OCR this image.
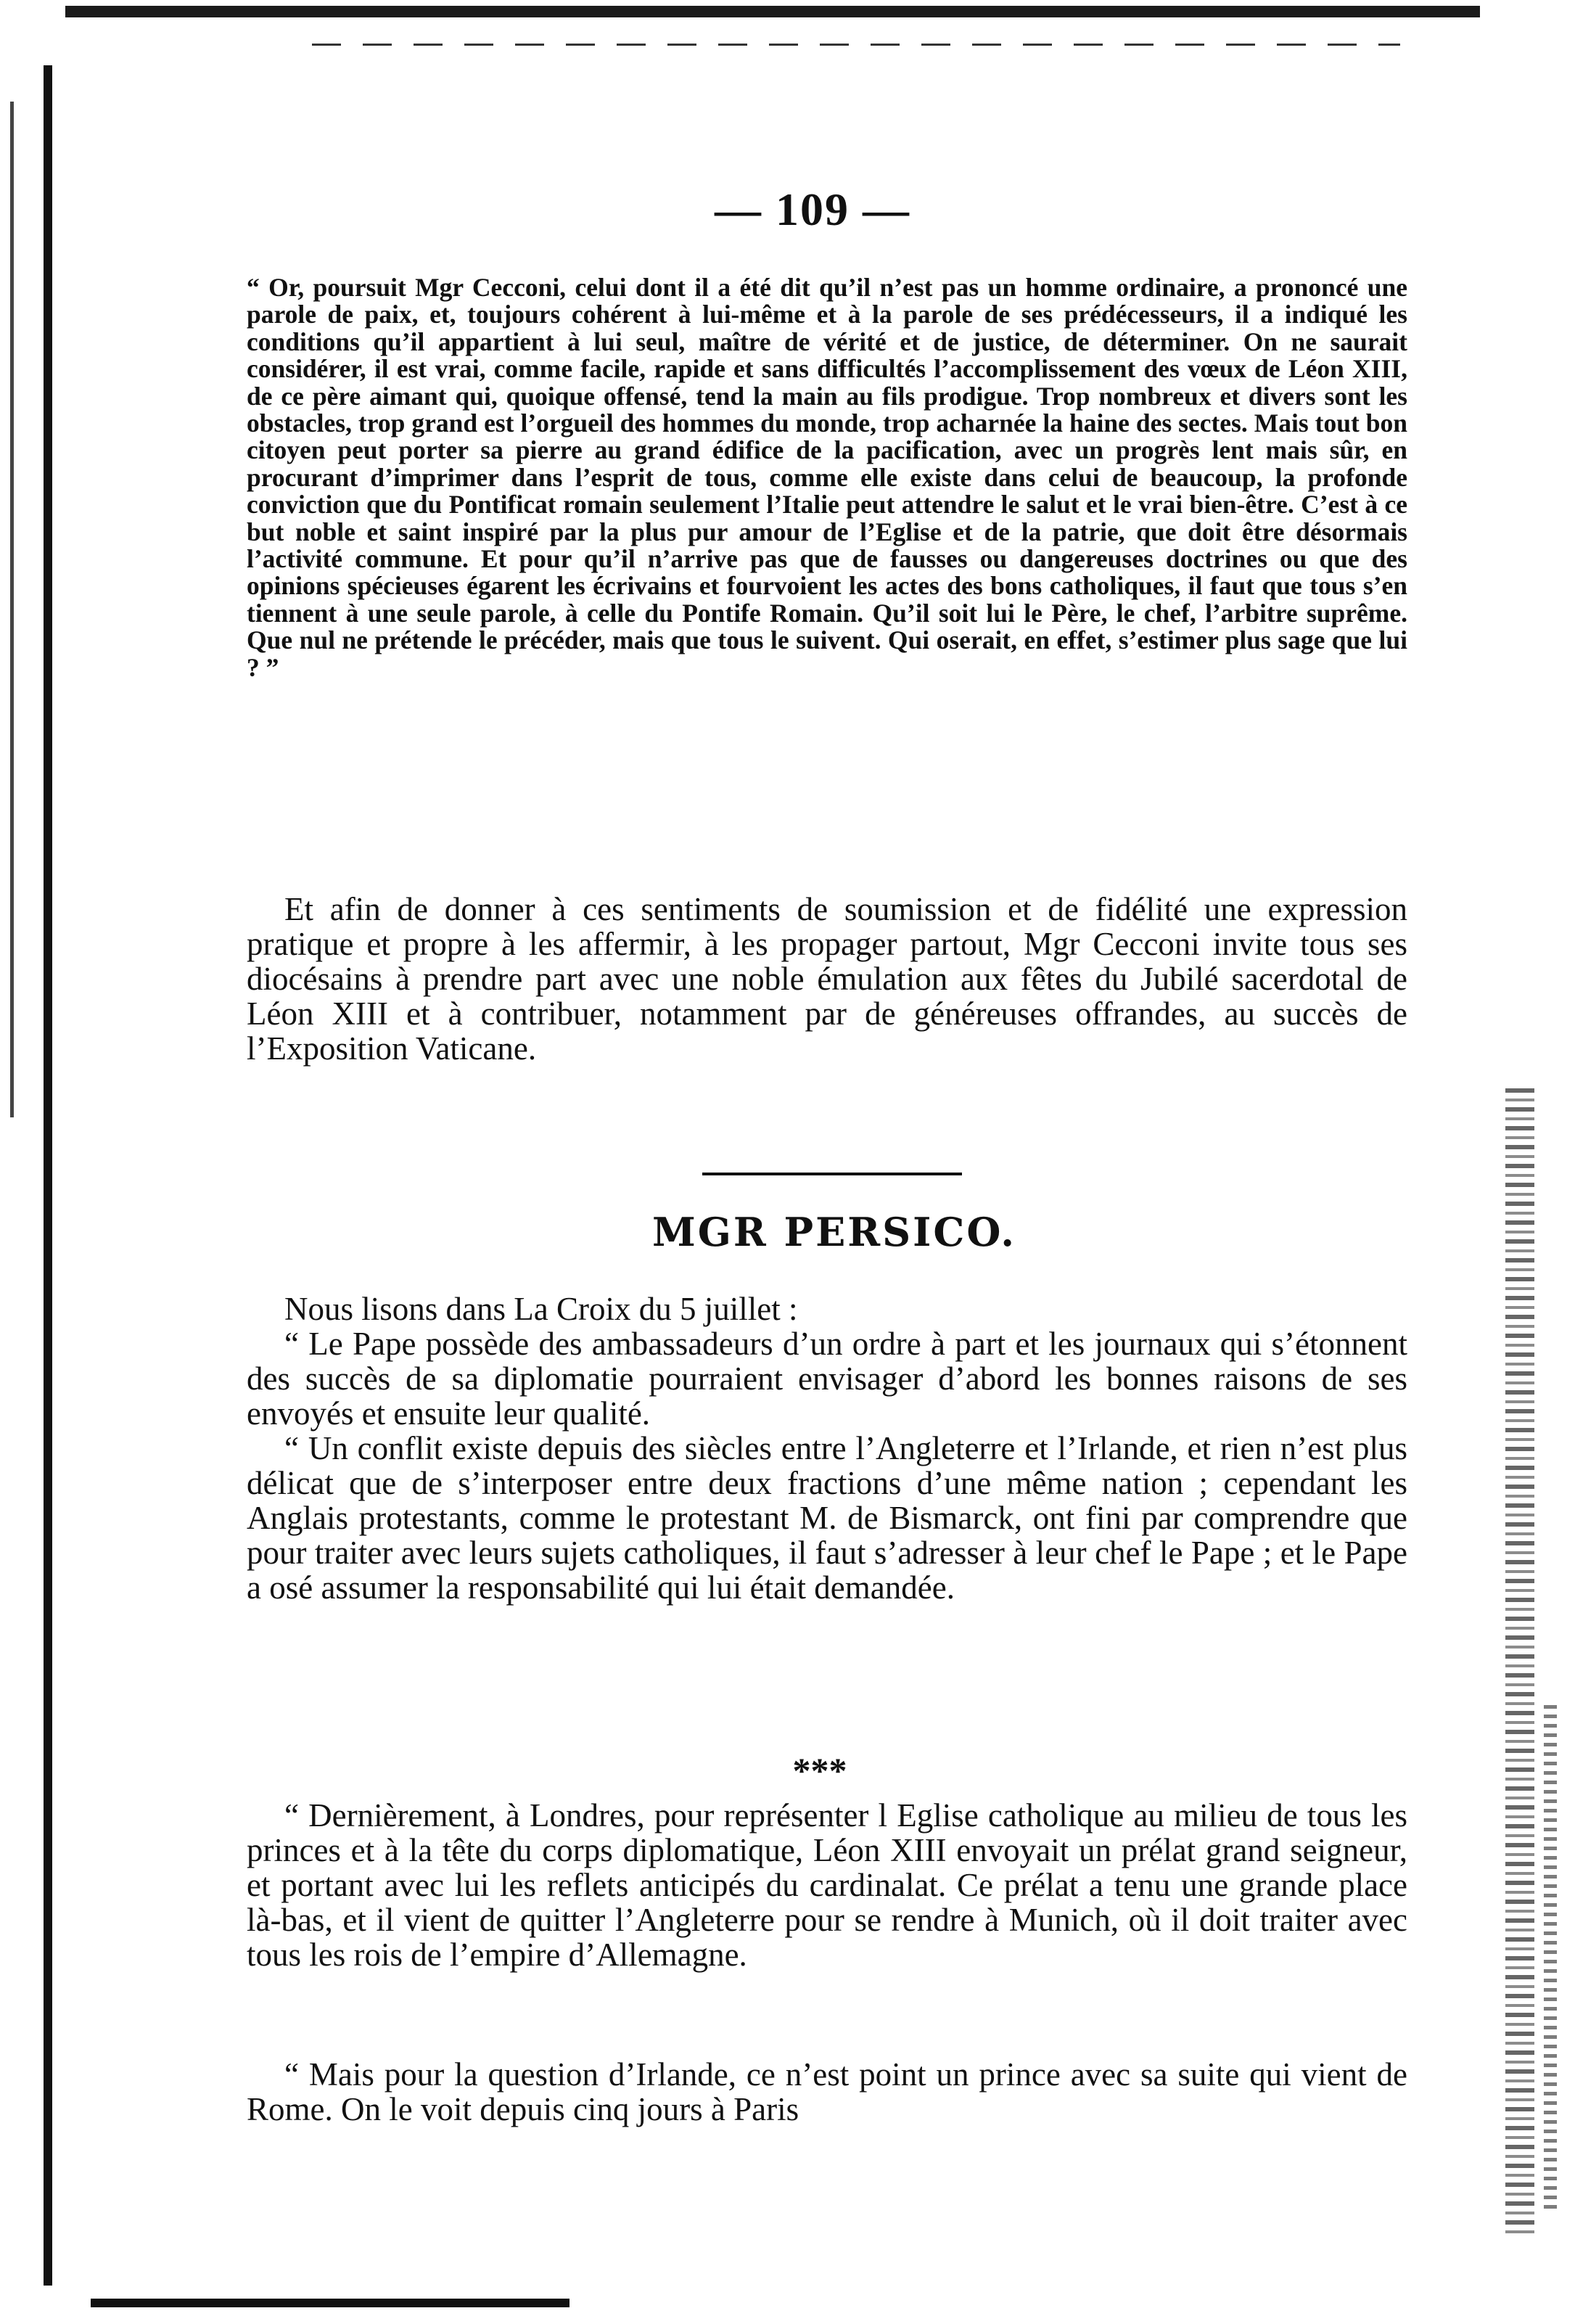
— 109 —

“ Or, poursuit Mgr Cecconi, celui dont il a été dit qu’il n’est pas un homme ordinaire, a prononcé une parole de paix, et, toujours cohérent à lui-même et à la parole de ses prédécesseurs, il a indiqué les conditions qu’il appartient à lui seul, maître de vérité et de justice, de déterminer. On ne saurait considérer, il est vrai, comme facile, rapide et sans difficultés l’accomplissement des vœux de Léon XIII, de ce père aimant qui, quoique offensé, tend la main au fils prodigue. Trop nombreux et divers sont les obstacles, trop grand est l’orgueil des hommes du monde, trop acharnée la haine des sectes. Mais tout bon citoyen peut porter sa pierre au grand édifice de la pacification, avec un progrès lent mais sûr, en procurant d’imprimer dans l’esprit de tous, comme elle existe dans celui de beaucoup, la profonde conviction que du Pontificat romain seulement l’Italie peut attendre le salut et le vrai bien-être. C’est à ce but noble et saint inspiré par la plus pur amour de l’Eglise et de la patrie, que doit être désormais l’activité commune. Et pour qu’il n’arrive pas que de fausses ou dangereuses doctrines ou que des opinions spécieuses égarent les écrivains et fourvoient les actes des bons catholiques, il faut que tous s’en tiennent à une seule parole, à celle du Pontife Romain. Qu’il soit lui le Père, le chef, l’arbitre suprême. Que nul ne prétende le précéder, mais que tous le suivent. Qui oserait, en effet, s’estimer plus sage que lui ? ”

Et afin de donner à ces sentiments de soumission et de fidélité une expression pratique et propre à les affermir, à les propager partout, Mgr Cecconi invite tous ses diocésains à prendre part avec une noble émulation aux fêtes du Jubilé sacerdotal de Léon XIII et à contribuer, notamment par de généreuses offrandes, au succès de l’Exposition Vaticane.

MGR PERSICO.

Nous lisons dans La Croix du 5 juillet :

“ Le Pape possède des ambassadeurs d’un ordre à part et les journaux qui s’étonnent des succès de sa diplomatie pourraient envisager d’abord les bonnes raisons de ses envoyés et ensuite leur qualité.

“ Un conflit existe depuis des siècles entre l’Angleterre et l’Irlande, et rien n’est plus délicat que de s’interposer entre deux fractions d’une même nation ; cependant les Anglais protestants, comme le protestant M. de Bismarck, ont fini par comprendre que pour traiter avec leurs sujets catholiques, il faut s’adresser à leur chef le Pape ; et le Pape a osé assumer la responsabilité qui lui était demandée.

***

“ Dernièrement, à Londres, pour représenter l Eglise catholique au milieu de tous les princes et à la tête du corps diplomatique, Léon XIII envoyait un prélat grand seigneur, et portant avec lui les reflets anticipés du cardinalat. Ce prélat a tenu une grande place là-bas, et il vient de quitter l’Angleterre pour se rendre à Munich, où il doit traiter avec tous les rois de l’empire d’Allemagne.

“ Mais pour la question d’Irlande, ce n’est point un prince avec sa suite qui vient de Rome. On le voit depuis cinq jours à Paris
